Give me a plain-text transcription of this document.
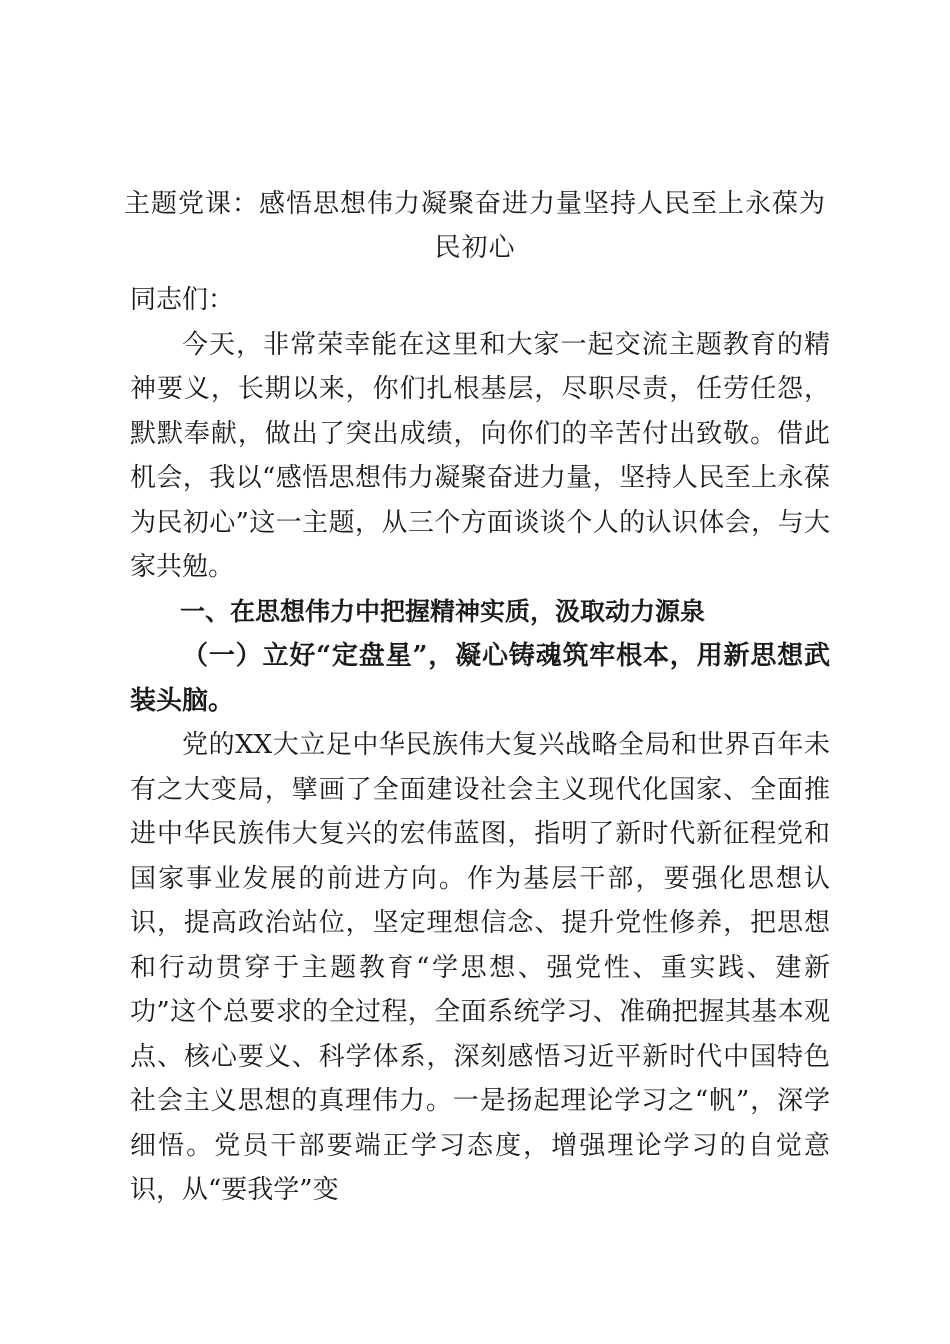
主题党课：感悟思想伟力凝聚奋进力量坚持人民至上永葆为民初心

同志们：

今天，非常荣幸能在这里和大家一起交流主题教育的精神要义，长期以来，你们扎根基层，尽职尽责，任劳任怨，默默奉献，做出了突出成绩，向你们的辛苦付出致敬。借此机会，我以“感悟思想伟力凝聚奋进力量，坚持人民至上永葆为民初心”这一主题，从三个方面谈谈个人的认识体会，与大家共勉。

一、在思想伟力中把握精神实质，汲取动力源泉

（一）立好“定盘星”，凝心铸魂筑牢根本，用新思想武装头脑。

党的XX大立足中华民族伟大复兴战略全局和世界百年未有之大变局，擘画了全面建设社会主义现代化国家、全面推进中华民族伟大复兴的宏伟蓝图，指明了新时代新征程党和国家事业发展的前进方向。作为基层干部，要强化思想认识，提高政治站位，坚定理想信念、提升党性修养，把思想和行动贯穿于主题教育“学思想、强党性、重实践、建新功”这个总要求的全过程，全面系统学习、准确把握其基本观点、核心要义、科学体系，深刻感悟习近平新时代中国特色社会主义思想的真理伟力。一是扬起理论学习之“帆”，深学细悟。党员干部要端正学习态度，增强理论学习的自觉意识，从“要我学”变
